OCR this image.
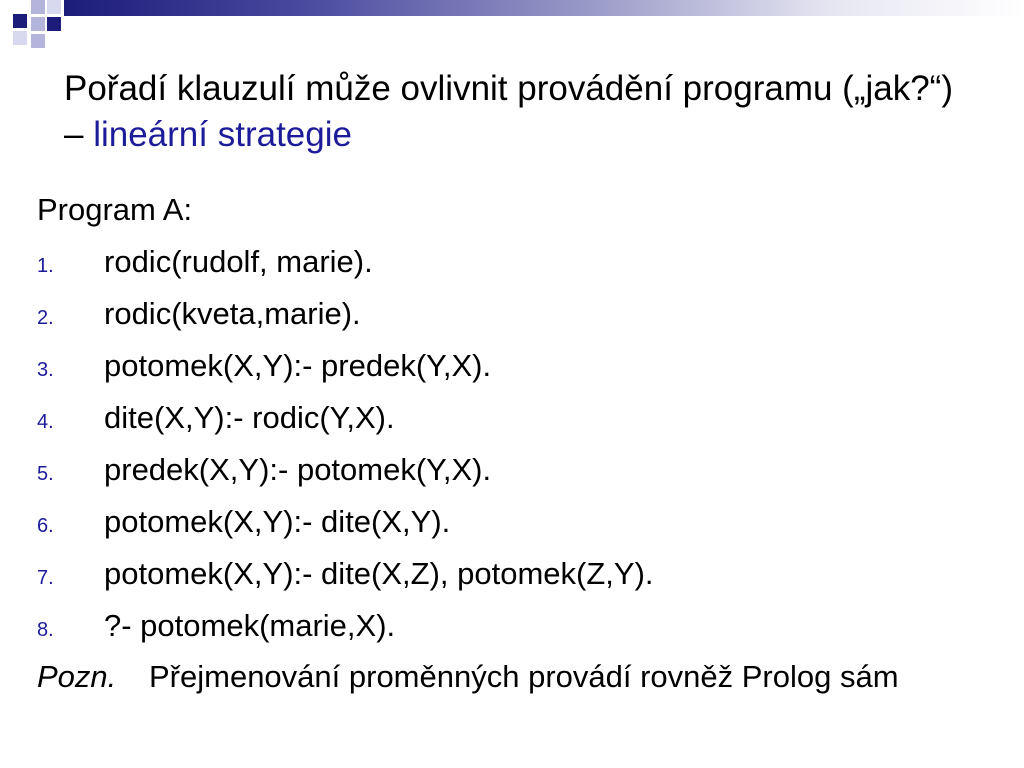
Pořadí klauzulí může ovlivnit provádění programu („jak?“) – lineární strategie
Program A:
1. rodic(rudolf, marie).
2. rodic(kveta,marie).
3. potomek(X,Y):- predek(Y,X).
4. dite(X,Y):- rodic(Y,X).
5. predek(X,Y):- potomek(Y,X).
6. potomek(X,Y):- dite(X,Y).
7. potomek(X,Y):- dite(X,Z), potomek(Z,Y).
8. ?- potomek(marie,X).
Pozn. Přejmenování proměnných provádí rovněž Prolog sám
